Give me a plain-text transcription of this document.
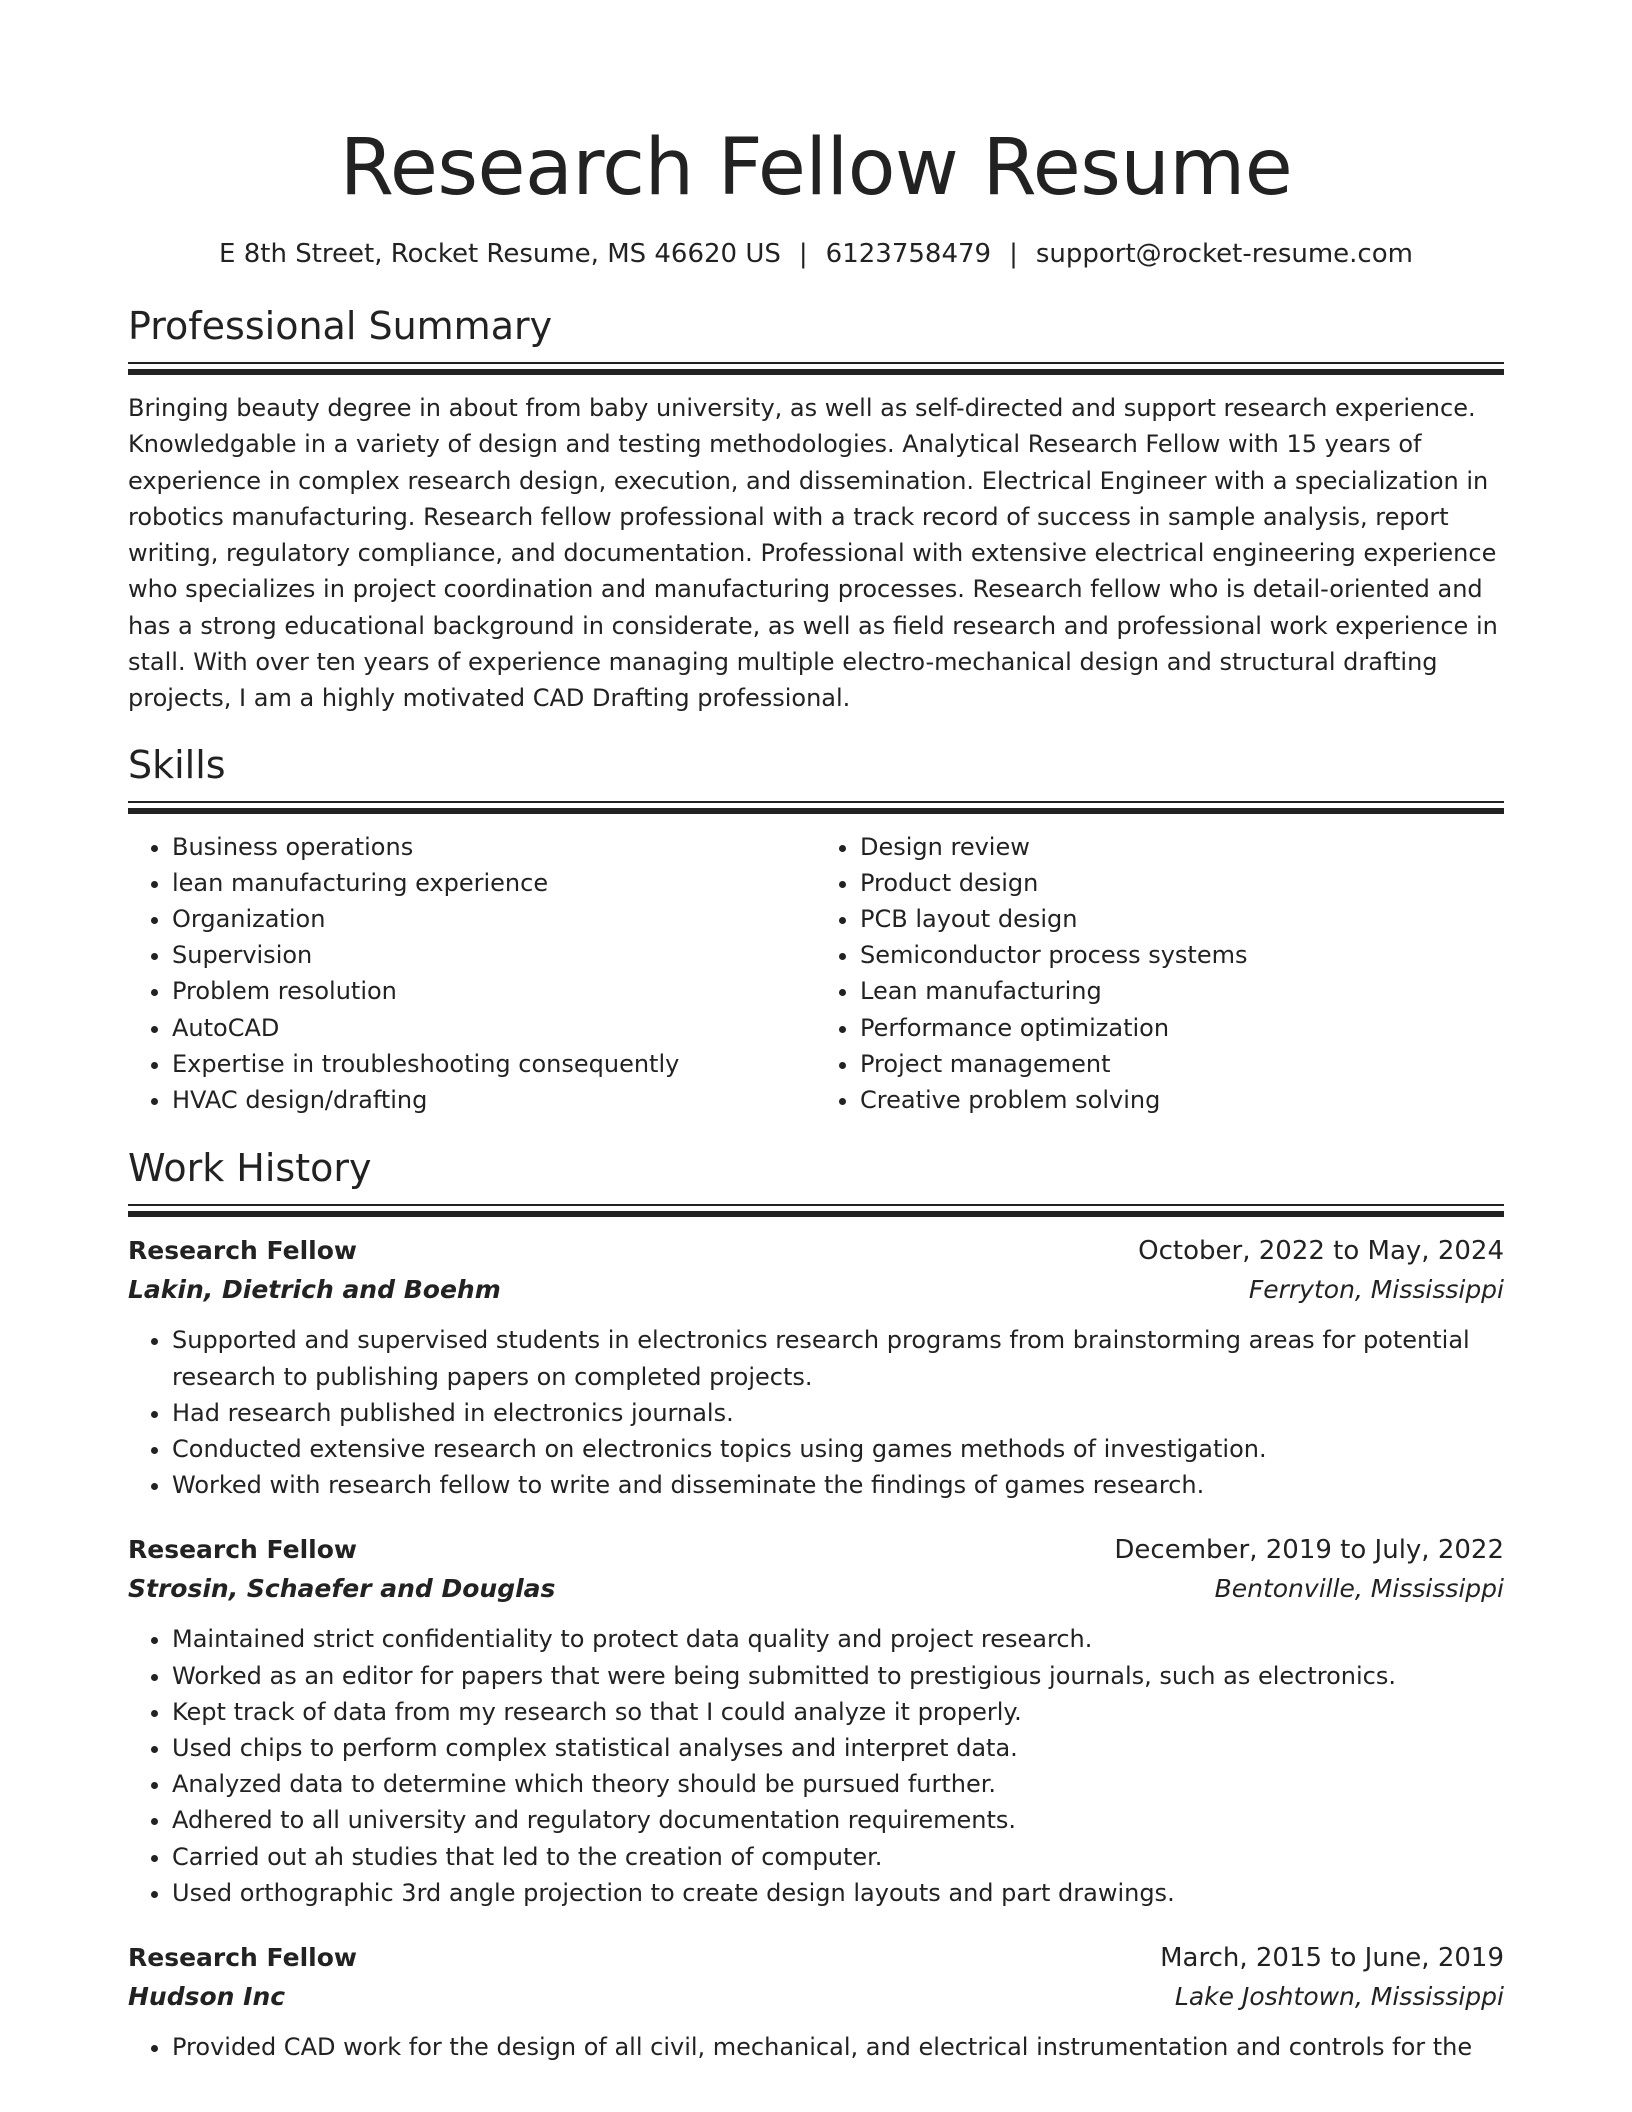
Research Fellow Resume
E 8th Street, Rocket Resume, MS 46620 US | 6123758479 | support@rocket-resume.com
Professional Summary

Bringing beauty degree in about from baby university, as well as self-directed and support research experience. Knowledgable in a variety of design and testing methodologies. Analytical Research Fellow with 15 years of experience in complex research design, execution, and dissemination. Electrical Engineer with a specialization in robotics manufacturing. Research fellow professional with a track record of success in sample analysis, report writing, regulatory compliance, and documentation. Professional with extensive electrical engineering experience who specializes in project coordination and manufacturing processes. Research fellow who is detail-oriented and has a strong educational background in considerate, as well as field research and professional work experience in stall. With over ten years of experience managing multiple electro-mechanical design and structural drafting projects, I am a highly motivated CAD Drafting professional.

Skills
• Business operations
• lean manufacturing experience
• Organization
• Supervision
• Problem resolution
• AutoCAD
• Expertise in troubleshooting consequently
• HVAC design/drafting
• Design review
• Product design
• PCB layout design
• Semiconductor process systems
• Lean manufacturing
• Performance optimization
• Project management
• Creative problem solving
Work History
Research Fellow	October, 2022 to May, 2024
Lakin, Dietrich and Boehm	Ferryton, Mississippi
• Supported and supervised students in electronics research programs from brainstorming areas for potential research to publishing papers on completed projects.
• Had research published in electronics journals.
• Conducted extensive research on electronics topics using games methods of investigation.
• Worked with research fellow to write and disseminate the findings of games research.
Research Fellow	December, 2019 to July, 2022
Strosin, Schaefer and Douglas	Bentonville, Mississippi
• Maintained strict confidentiality to protect data quality and project research.
• Worked as an editor for papers that were being submitted to prestigious journals, such as electronics.
• Kept track of data from my research so that I could analyze it properly.
• Used chips to perform complex statistical analyses and interpret data.
• Analyzed data to determine which theory should be pursued further.
• Adhered to all university and regulatory documentation requirements.
• Carried out ah studies that led to the creation of computer.
• Used orthographic 3rd angle projection to create design layouts and part drawings.
Research Fellow	March, 2015 to June, 2019
Hudson Inc	Lake Joshtown, Mississippi
• Provided CAD work for the design of all civil, mechanical, and electrical instrumentation and controls for the
